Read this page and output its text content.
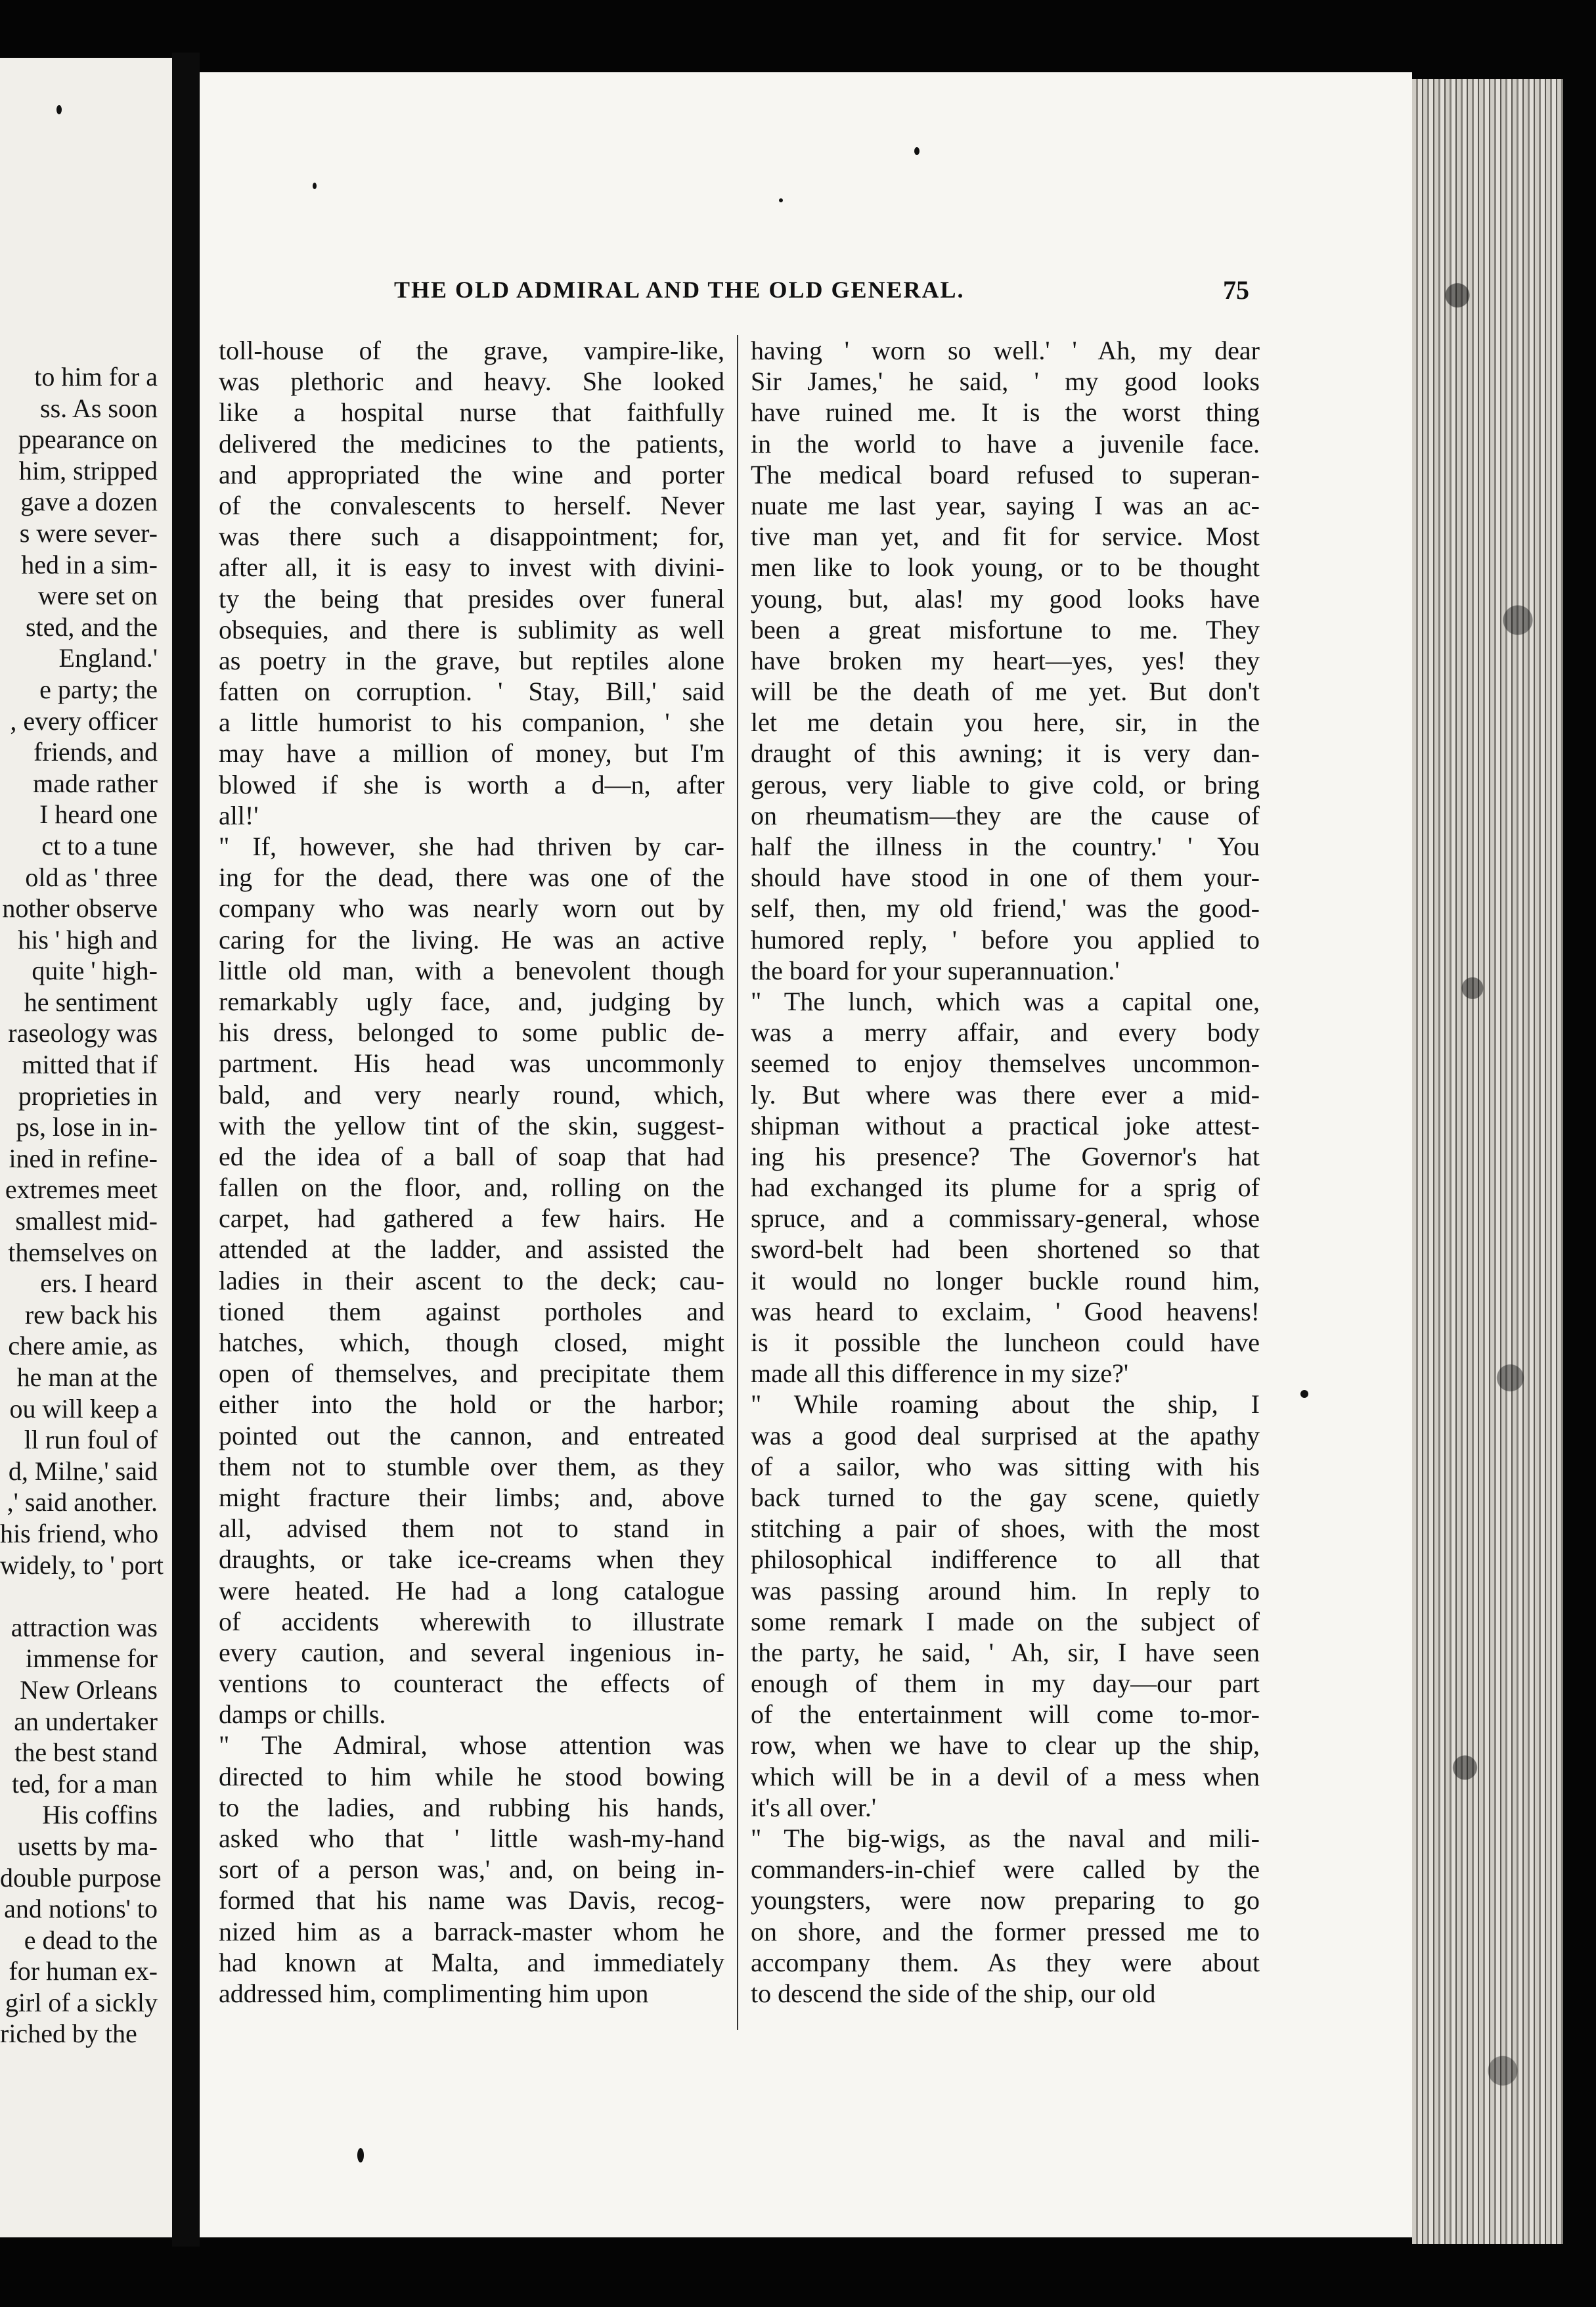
to him for a
ss. As soon
ppearance on
him, stripped
gave a dozen
s were sever-
hed in a sim-
were set on
sted, and the
England.'
e party; the
, every officer
friends, and
made rather
I heard one
ct to a tune
old as ' three
nother observe
his ' high and
quite ' high-
he sentiment
raseology was
mitted that if
proprieties in
ps, lose in in-
ined in refine-
extremes meet
smallest mid-
themselves on
ers. I heard
rew back his
chere amie, as
he man at the
ou will keep a
ll run foul of
d, Milne,' said
,' said another.
his friend, who
widely, to ' port
attraction was
immense for
New Orleans
an undertaker
the best stand
ted, for a man
His coffins
usetts by ma-
double purpose
and notions' to
e dead to the
for human ex-
girl of a sickly
riched by the
THE OLD ADMIRAL AND THE OLD GENERAL.	75
toll-house of the grave, vampire-like,
was plethoric and heavy. She looked
like a hospital nurse that faithfully
delivered the medicines to the patients,
and appropriated the wine and porter
of the convalescents to herself. Never
was there such a disappointment; for,
after all, it is easy to invest with divini-
ty the being that presides over funeral
obsequies, and there is sublimity as well
as poetry in the grave, but reptiles alone
fatten on corruption. ' Stay, Bill,' said
a little humorist to his companion, ' she
may have a million of money, but I'm
blowed if she is worth a d—n, after
all!'
" If, however, she had thriven by car-
ing for the dead, there was one of the
company who was nearly worn out by
caring for the living. He was an active
little old man, with a benevolent though
remarkably ugly face, and, judging by
his dress, belonged to some public de-
partment. His head was uncommonly
bald, and very nearly round, which,
with the yellow tint of the skin, suggest-
ed the idea of a ball of soap that had
fallen on the floor, and, rolling on the
carpet, had gathered a few hairs. He
attended at the ladder, and assisted the
ladies in their ascent to the deck; cau-
tioned them against portholes and
hatches, which, though closed, might
open of themselves, and precipitate them
either into the hold or the harbor;
pointed out the cannon, and entreated
them not to stumble over them, as they
might fracture their limbs; and, above
all, advised them not to stand in
draughts, or take ice-creams when they
were heated. He had a long catalogue
of accidents wherewith to illustrate
every caution, and several ingenious in-
ventions to counteract the effects of
damps or chills.
" The Admiral, whose attention was
directed to him while he stood bowing
to the ladies, and rubbing his hands,
asked who that ' little wash-my-hand
sort of a person was,' and, on being in-
formed that his name was Davis, recog-
nized him as a barrack-master whom he
had known at Malta, and immediately
addressed him, complimenting him upon
having ' worn so well.' ' Ah, my dear
Sir James,' he said, ' my good looks
have ruined me. It is the worst thing
in the world to have a juvenile face.
The medical board refused to superan-
nuate me last year, saying I was an ac-
tive man yet, and fit for service. Most
men like to look young, or to be thought
young, but, alas! my good looks have
been a great misfortune to me. They
have broken my heart—yes, yes! they
will be the death of me yet. But don't
let me detain you here, sir, in the
draught of this awning; it is very dan-
gerous, very liable to give cold, or bring
on rheumatism—they are the cause of
half the illness in the country.' ' You
should have stood in one of them your-
self, then, my old friend,' was the good-
humored reply, ' before you applied to
the board for your superannuation.'
" The lunch, which was a capital one,
was a merry affair, and every body
seemed to enjoy themselves uncommon-
ly. But where was there ever a mid-
shipman without a practical joke attest-
ing his presence? The Governor's hat
had exchanged its plume for a sprig of
spruce, and a commissary-general, whose
sword-belt had been shortened so that
it would no longer buckle round him,
was heard to exclaim, ' Good heavens!
is it possible the luncheon could have
made all this difference in my size?'
" While roaming about the ship, I
was a good deal surprised at the apathy
of a sailor, who was sitting with his
back turned to the gay scene, quietly
stitching a pair of shoes, with the most
philosophical indifference to all that
was passing around him. In reply to
some remark I made on the subject of
the party, he said, ' Ah, sir, I have seen
enough of them in my day—our part
of the entertainment will come to-mor-
row, when we have to clear up the ship,
which will be in a devil of a mess when
it's all over.'
" The big-wigs, as the naval and mili-
commanders-in-chief were called by the
youngsters, were now preparing to go
on shore, and the former pressed me to
accompany them. As they were about
to descend the side of the ship, our old
